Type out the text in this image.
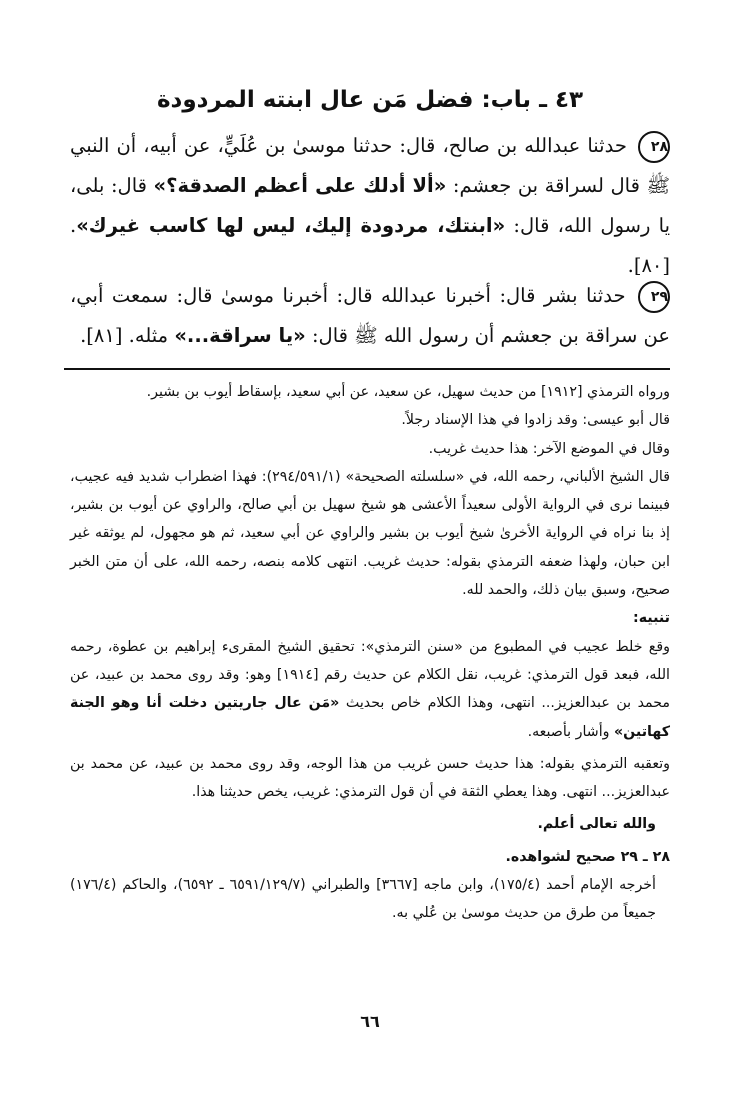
٤٣ ـ باب: فضل مَن عال ابنته المردودة
٢٨ حدثنا عبدالله بن صالح، قال: حدثنا موسىٰ بن عُلَيٍّ، عن أبيه، أن النبي ﷺ قال لسراقة بن جعشم: «ألا أدلك على أعظم الصدقة؟» قال: بلى، يا رسول الله، قال: «ابنتك، مردودة إليك، ليس لها كاسب غيرك». [٨٠].
٢٩ حدثنا بشر قال: أخبرنا عبدالله قال: أخبرنا موسىٰ قال: سمعت أبي، عن سراقة بن جعشم أن رسول الله ﷺ قال: «يا سراقة...» مثله. [٨١].

ورواه الترمذي [١٩١٢] من حديث سهيل، عن سعيد، عن أبي سعيد، بإسقاط أيوب بن بشير.

قال أبو عيسى: وقد زادوا في هذا الإسناد رجلاً.

وقال في الموضع الآخر: هذا حديث غريب.

قال الشيخ الألباني، رحمه الله، في «سلسلته الصحيحة» (٢٩٤/٥٩١/١): فهذا اضطراب شديد فيه عجيب، فبينما نرى في الرواية الأولى سعيداً الأعشى هو شيخ سهيل بن أبي صالح، والراوي عن أيوب بن بشير، إذ بنا نراه في الرواية الأخرىٰ شيخ أيوب بن بشير والراوي عن أبي سعيد، ثم هو مجهول، لم يوثقه غير ابن حبان، ولهذا ضعفه الترمذي بقوله: حديث غريب. انتهى كلامه بنصه، رحمه الله، على أن متن الخبر صحيح، وسبق بيان ذلك، والحمد لله.

تنبيه:

وقع خلط عجيب في المطبوع من «سنن الترمذي»: تحقيق الشيخ المقرىء إبراهيم بن عطوة، رحمه الله، فبعد قول الترمذي: غريب، نقل الكلام عن حديث رقم [١٩١٤] وهو: وقد روى محمد بن عبيد، عن محمد بن عبدالعزيز... انتهى، وهذا الكلام خاص بحديث «مَن عال جاريتين دخلت أنا وهو الجنة كهاتين» وأشار بأصبعه.

وتعقبه الترمذي بقوله: هذا حديث حسن غريب من هذا الوجه، وقد روى محمد بن عبيد، عن محمد بن عبدالعزيز... انتهى. وهذا يعطي الثقة في أن قول الترمذي: غريب، يخص حديثنا هذا.

والله تعالى أعلم.

٢٨ ـ ٢٩ صحيح لشواهده.

أخرجه الإمام أحمد (١٧٥/٤)، وابن ماجه [٣٦٦٧] والطبراني (٦٥٩١/١٢٩/٧ ـ ٦٥٩٢)، والحاكم (١٧٦/٤) جميعاً من طرق من حديث موسىٰ بن عُلي به.

٦٦
